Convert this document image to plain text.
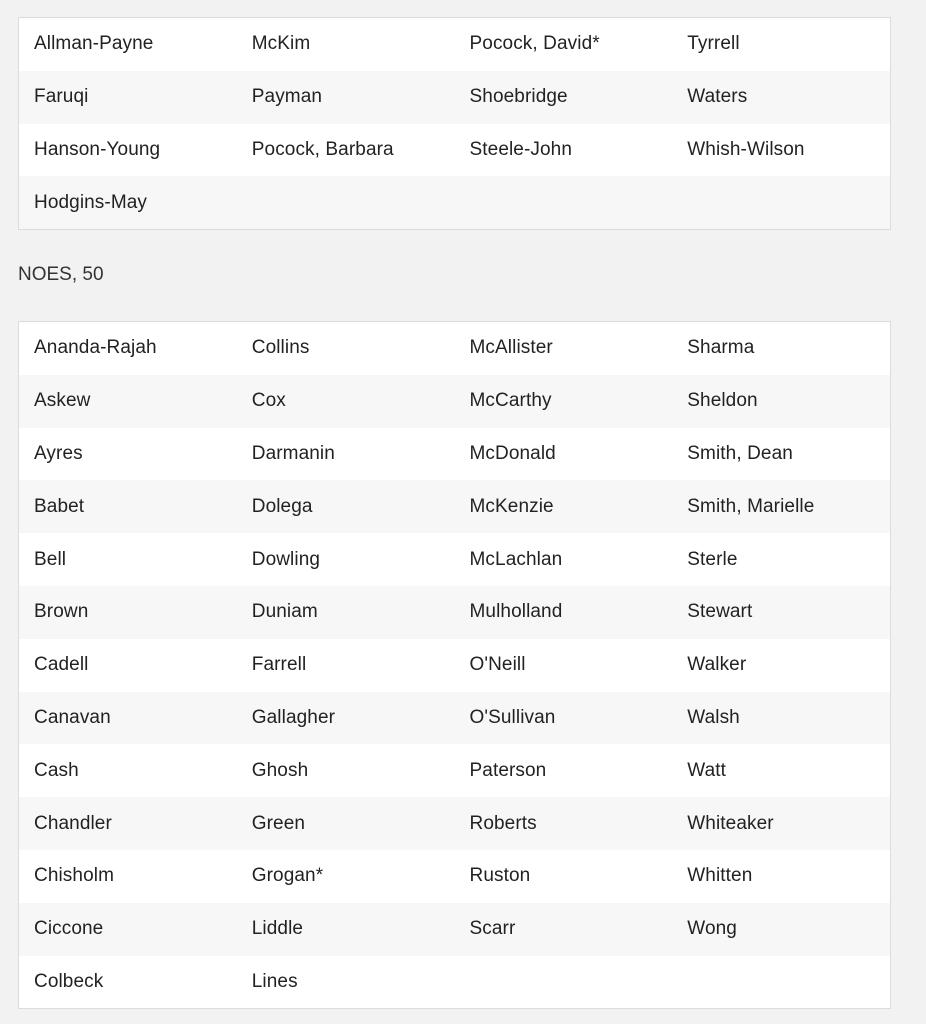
Allman-Payne	McKim	Pocock, David*	Tyrrell
Faruqi	Payman	Shoebridge	Waters
Hanson-Young	Pocock, Barbara	Steele-John	Whish-Wilson
Hodgins-May
NOES, 50
Ananda-Rajah	Collins	McAllister	Sharma
Askew	Cox	McCarthy	Sheldon
Ayres	Darmanin	McDonald	Smith, Dean
Babet	Dolega	McKenzie	Smith, Marielle
Bell	Dowling	McLachlan	Sterle
Brown	Duniam	Mulholland	Stewart
Cadell	Farrell	O'Neill	Walker
Canavan	Gallagher	O'Sullivan	Walsh
Cash	Ghosh	Paterson	Watt
Chandler	Green	Roberts	Whiteaker
Chisholm	Grogan*	Ruston	Whitten
Ciccone	Liddle	Scarr	Wong
Colbeck	Lines
